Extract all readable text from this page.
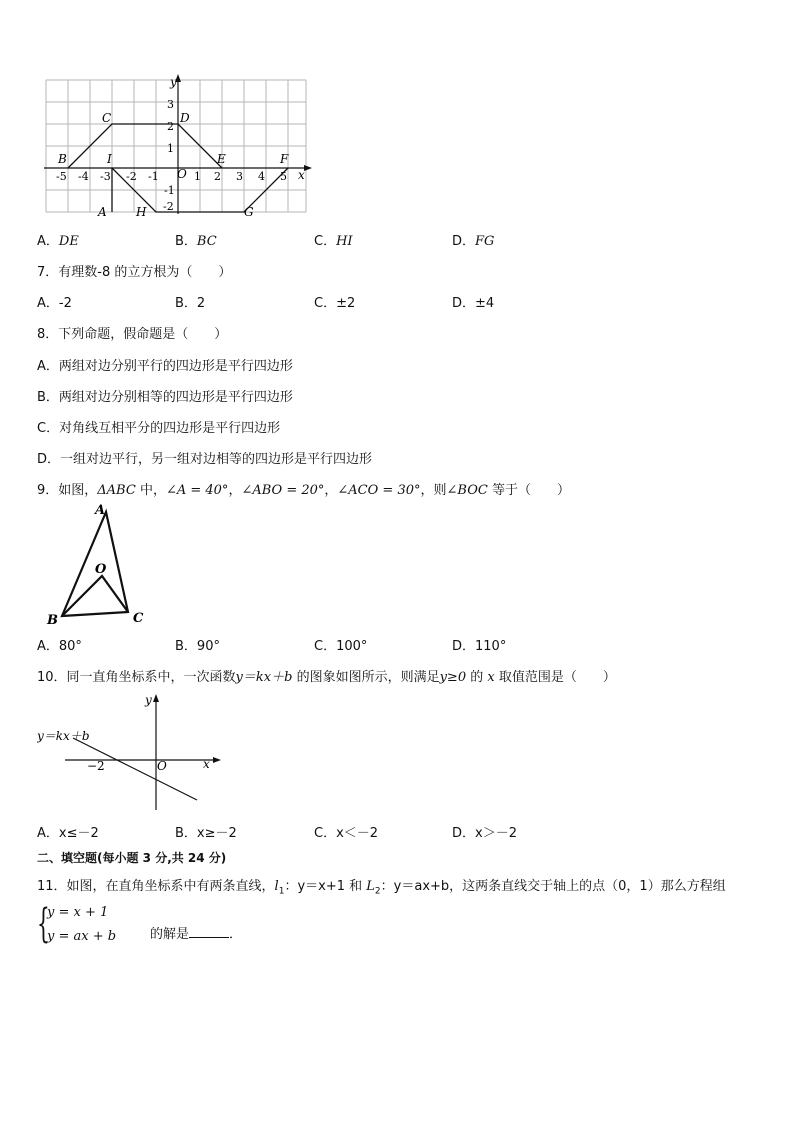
y
x
O
B
C	D
E	F
I
A H	G
-5 -4 -3 -2 -1	1 2 3 4 5
3
2
1
-1
-2
A．DE	B．BC	C．HI	D．FG
7．有理数-8 的立方根为（　　）
A．-2	B．2	C．±2	D．±4
8．下列命题，假命题是（　　）
A．两组对边分别平行的四边形是平行四边形
B．两组对边分别相等的四边形是平行四边形
C．对角线互相平分的四边形是平行四边形
D．一组对边平行，另一组对边相等的四边形是平行四边形
9．如图，ΔABC 中，∠A = 40°，∠ABO = 20°，∠ACO = 30°，则∠BOC 等于（　　）
A
B	C
O
A．80°	B．90°	C．100°	D．110°
10．同一直角坐标系中，一次函数y＝kx＋b 的图象如图所示，则满足y≥0 的 x 取值范围是（　　）
y
x
O
−2
y＝kx＋b
A．x≤－2	B．x≥－2	C．x＜－2	D．x＞－2
二、填空题(每小题 3 分,共 24 分)
11．如图，在直角坐标系中有两条直线，$l_1$：y＝x+1 和 $L_2$：y＝ax+b，这两条直线交于轴上的点（0，1）那么方程组
{
y = x + 1
y = ax + b	的解是	．
